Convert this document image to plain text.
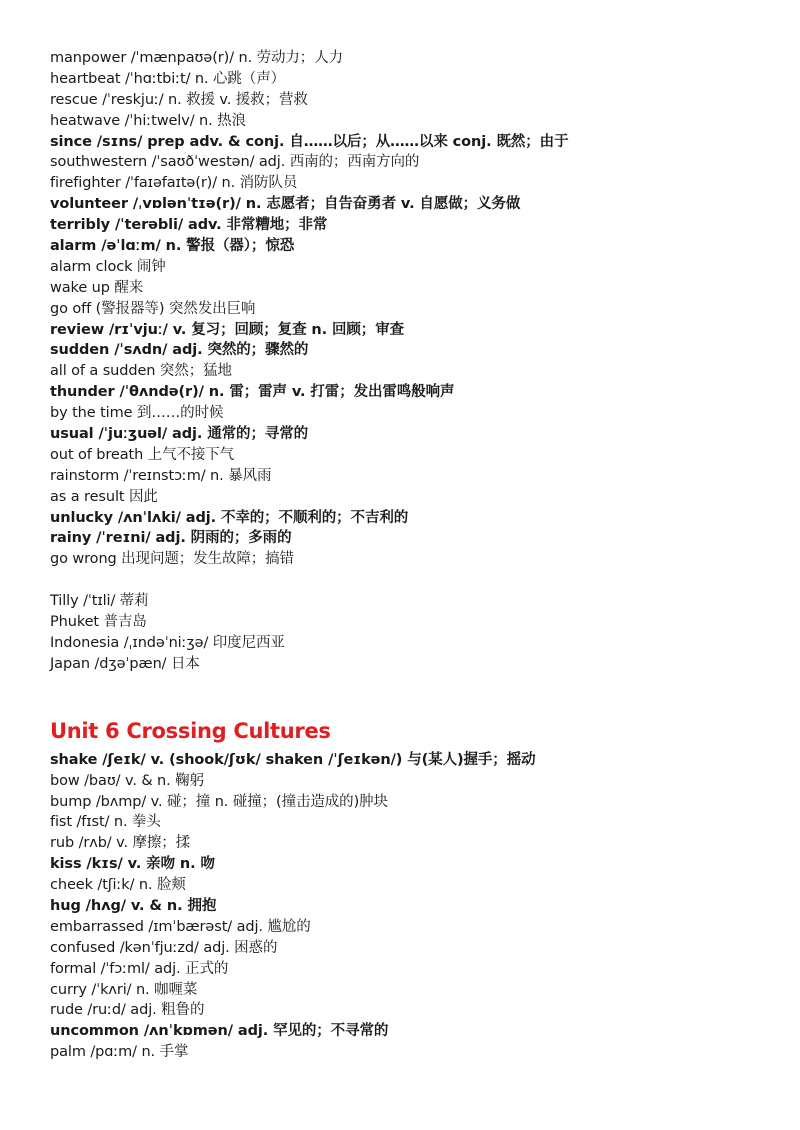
manpower /ˈmænpaʊə(r)/ n. 劳动力；人力
heartbeat /ˈhɑːtbiːt/ n. 心跳（声）
rescue /ˈreskjuː/ n. 救援 v. 援救；营救
heatwave /ˈhiːtwelv/ n. 热浪
since /sɪns/ prep adv. & conj. 自……以后；从……以来 conj. 既然；由于
southwestern /ˈsaʊðˈwestən/ adj. 西南的；西南方向的
firefighter /ˈfaɪəfaɪtə(r)/ n. 消防队员
volunteer /ˌvɒlənˈtɪə(r)/ n. 志愿者；自告奋勇者 v. 自愿做；义务做
terribly /ˈterəbli/ adv. 非常糟地；非常
alarm /əˈlɑːm/ n. 警报（器）；惊恐
alarm clock 闹钟
wake up 醒来
go off (警报器等) 突然发出巨响
review /rɪˈvjuː/ v. 复习；回顾；复查 n. 回顾；审查
sudden /ˈsʌdn/ adj. 突然的；骤然的
all of a sudden 突然；猛地
thunder /ˈθʌndə(r)/ n. 雷；雷声 v. 打雷；发出雷鸣般响声
by the time 到……的时候
usual /ˈjuːʒuəl/ adj. 通常的；寻常的
out of breath 上气不接下气
rainstorm /ˈreɪnstɔːm/ n. 暴风雨
as a result 因此
unlucky /ʌnˈlʌki/ adj. 不幸的；不顺利的；不吉利的
rainy /ˈreɪni/ adj. 阴雨的；多雨的
go wrong 出现问题；发生故障；搞错
Tilly /ˈtɪli/ 蒂莉
Phuket 普吉岛
Indonesia /ˌɪndəˈniːʒə/ 印度尼西亚
Japan /dʒəˈpæn/ 日本
Unit 6 Crossing Cultures
shake /ʃeɪk/ v. (shook/ʃʊk/ shaken /ˈʃeɪkən/) 与(某人)握手；摇动
bow /baʊ/ v. & n. 鞠躬
bump /bʌmp/ v. 碰；撞 n. 碰撞；(撞击造成的)肿块
fist /fɪst/ n. 拳头
rub /rʌb/ v. 摩擦；揉
kiss /kɪs/ v. 亲吻 n. 吻
cheek /tʃiːk/ n. 脸颊
hug /hʌg/ v. & n. 拥抱
embarrassed /ɪmˈbærəst/ adj. 尴尬的
confused /kənˈfjuːzd/ adj. 困惑的
formal /ˈfɔːml/ adj. 正式的
curry /ˈkʌri/ n. 咖喱菜
rude /ruːd/ adj. 粗鲁的
uncommon /ʌnˈkɒmən/ adj. 罕见的；不寻常的
palm /pɑːm/ n. 手掌
